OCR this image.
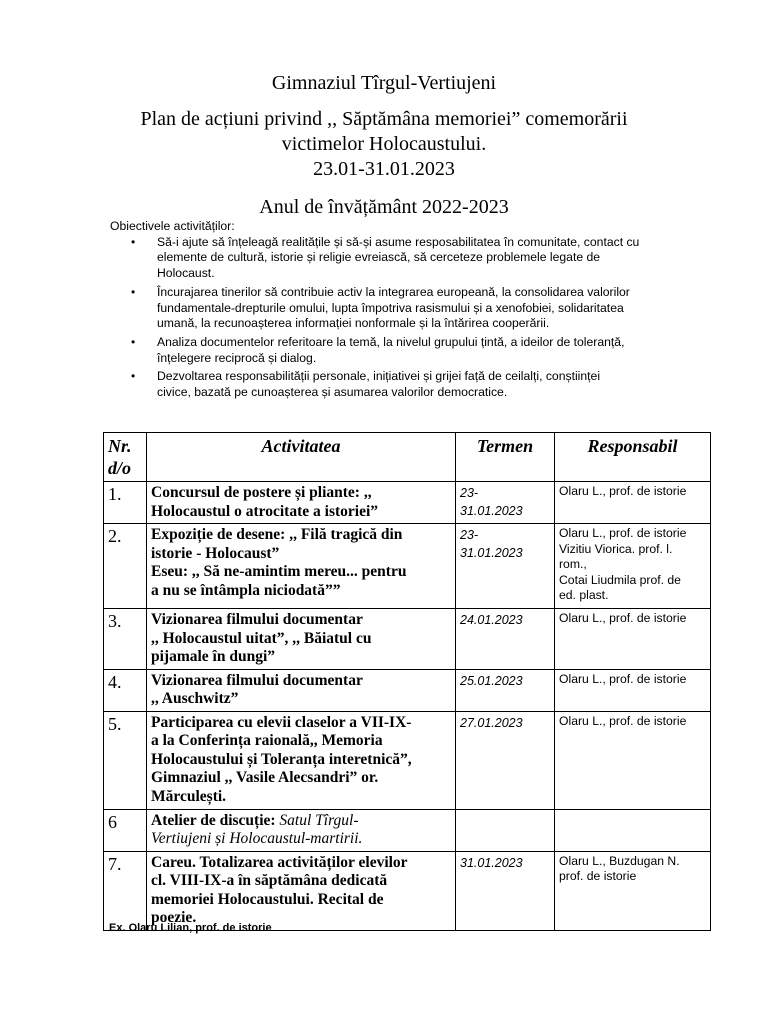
Gimnaziul Tîrgul-Vertiujeni
Plan de acțiuni privind ,, Săptămâna memoriei” comemorării
victimelor Holocaustului.
23.01-31.01.2023
Anul de învățământ 2022-2023

Obiectivele activităților:

• Să-i ajute să înțeleagă realitățile și să-și asume resposabilitatea în comunitate, contact cu
elemente de cultură, istorie și religie evreiască, să cerceteze problemele legate de
Holocaust.
• Încurajarea tinerilor să contribuie activ la integrarea europeană, la consolidarea valorilor
fundamentale-drepturile omului, lupta împotriva rasismului și a xenofobiei, solidaritatea
umană, la recunoașterea informației nonformale și la întărirea cooperării.
• Analiza documentelor referitoare la temă, la nivelul grupului țintă, a ideilor de toleranță,
înțelegere reciprocă și dialog.
• Dezvoltarea responsabilității personale, inițiativei și grijei față de ceilalți, conștiinței
civice, bazată pe cunoașterea și asumarea valorilor democratice.
Nr.
d/o	Activitatea	Termen	Responsabil
1.	Concursul de postere și pliante: ,,
Holocaustul o atrocitate a istoriei”	23-
31.01.2023	Olaru L., prof. de istorie

2.	Expoziție de desene: ,, Filă tragică din
istorie - Holocaust”
Eseu: ,, Să ne-amintim mereu... pentru
a nu se întâmpla niciodată””	23-
31.01.2023	Olaru L., prof. de istorie
Vizitiu Viorica. prof. l.
rom.,
Cotai Liudmila prof. de
ed. plast.

3.	Vizionarea filmului documentar
,, Holocaustul uitat”, ,, Băiatul cu
pijamale în dungi”	24.01.2023	Olaru L., prof. de istorie

4.	Vizionarea filmului documentar
,, Auschwitz”	25.01.2023	Olaru L., prof. de istorie

5.	Participarea cu elevii claselor a VII-IX-
a la Conferința raională,, Memoria
Holocaustului și Toleranța interetnică”,
Gimnaziul ,, Vasile Alecsandri” or.
Mărculești.	27.01.2023	Olaru L., prof. de istorie

6	Atelier de discuție: Satul Tîrgul-
Vertiujeni și Holocaustul-martirii.		

7.	Careu. Totalizarea activităților elevilor
cl. VIII-IX-a în săptămâna dedicată
memoriei Holocaustului. Recital de
poezie.	31.01.2023	Olaru L., Buzdugan N.
prof. de istorie
Ex. Olaru Lilian, prof. de istorie
